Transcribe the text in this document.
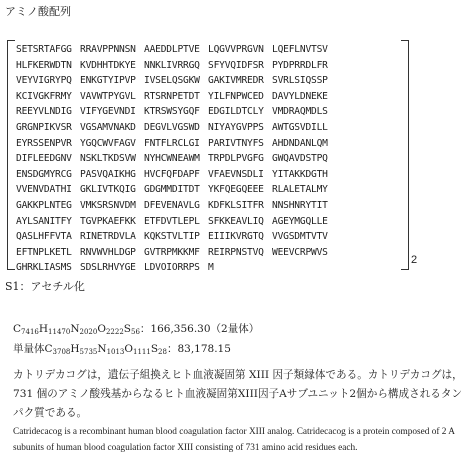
アミノ酸配列
2
SETSRTAFGG RRAVPPNNSN AAEDDLPTVE LQGVVPRGVN LQEFLNVTSV
HLFKERWDTN KVDHHTDKYE NNKLIVRRGQ SFYVQIDFSR PYDPRRDLFR
VEYVIGRYPQ ENKGTYIPVP IVSELQSGKW GAKIVMREDR SVRLSIQSSP
KCIVGKFRMY VAVWTPYGVL RTSRNPETDT YILFNPWCED DAVYLDNEKE
REEYVLNDIG VIFYGEVNDI KTRSWSYGQF EDGILDTCLY VMDRAQMDLS
GRGNPIKVSR VGSAMVNAKD DEGVLVGSWD NIYAYGVPPS AWTGSVDILL
EYRSSENPVR YGQCWVFAGV FNTFLRCLGI PARIVTNYFS AHDNDANLQM
DIFLEEDGNV NSKLTKDSVW NYHCWNEAWM TRPDLPVGFG GWQAVDSTPQ
ENSDGMYRCG PASVQAIKHG HVCFQFDAPF VFAEVNSDLI YITAKKDGTH
VVENVDATHI GKLIVTKQIG GDGMMDITDT YKFQEGQEEE RLALETALMY
GAKKPLNTEG VMKSRSNVDM DFEVENAVLG KDFKLSITFR NNSHNRYTIT
AYLSANITFY TGVPKAEFKK ETFDVTLEPL SFKKEAVLIQ AGEYMGQLLE
QASLHFFVTA RINETRDVLA KQKSTVLTIP EIIIKVRGTQ VVGSDMTVTV
EFTNPLKETL RNVWVHLDGP GVTRPMKKMF REIRPNSTVQ WEEVCRPWVS
GHRKLIASMS SDSLRHVYGE LDVOIORRPS M
S1：アセチル化
$C_{7416}H_{11470}N_{2020}O_{2222}S_{56}$：166,356.30（2量体）
単量体$C_{3708}H_{5735}N_{1013}O_{1111}S_{28}$：83,178.15
カトリデカコグは，遺伝子組換えヒト血液凝固第 XIII 因子類縁体である。カトリデカコグは，731 個のアミノ酸残基からなるヒト血液凝固第XIII因子Aサブユニット2個から構成されるタンパク質である。
Catridecacog is a recombinant human blood coagulation factor XIII analog. Catridecacog is a protein composed of 2 A subunits of human blood coagulation factor XIII consisting of 731 amino acid residues each.
